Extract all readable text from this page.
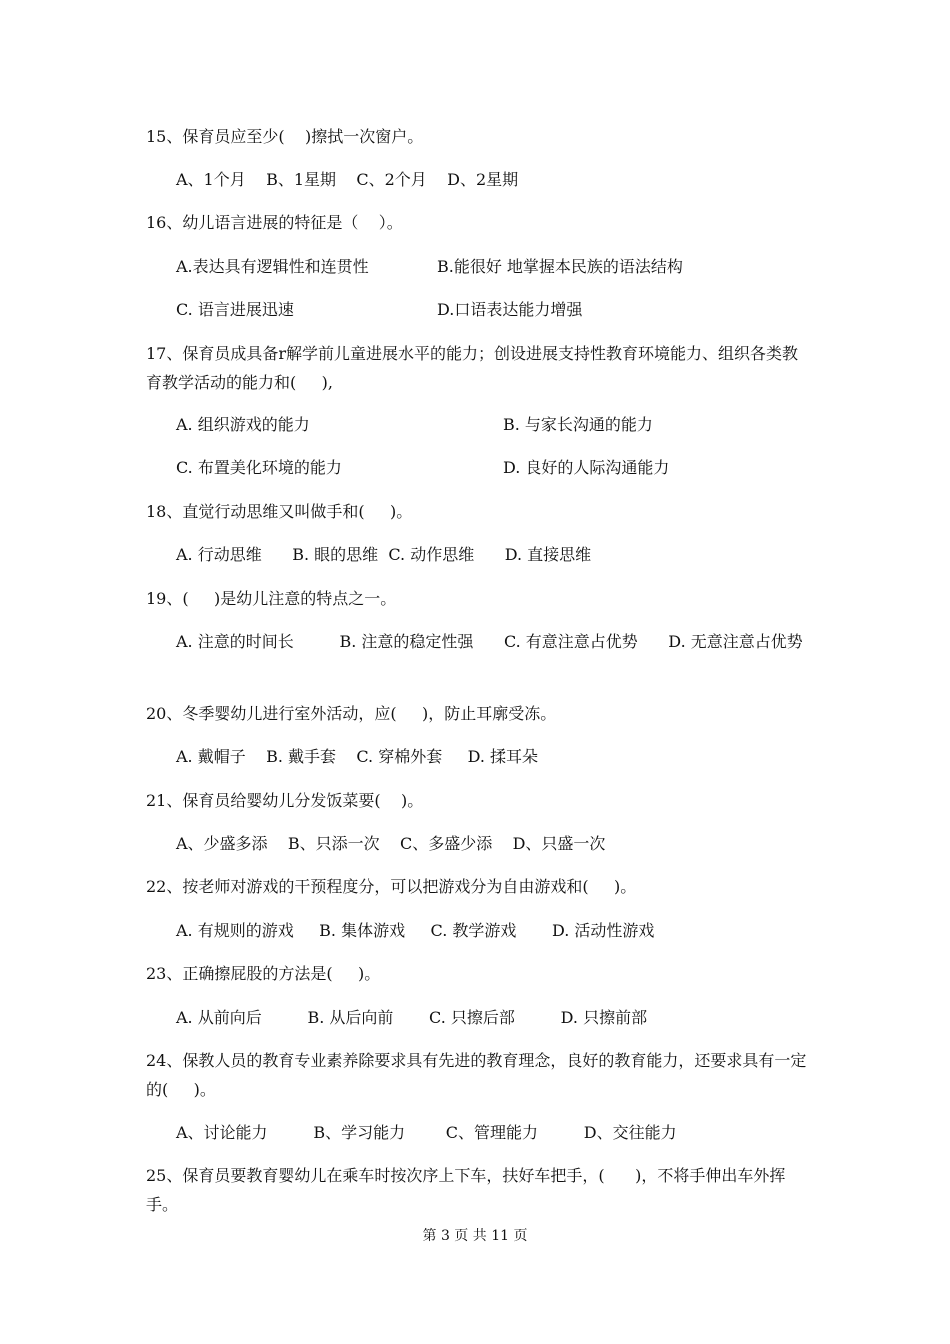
15、保育员应至少(    )擦拭一次窗户。
A、1个月    B、1星期    C、2个月    D、2星期
16、幼儿语言进展的特征是（    ）。
A.表达具有逻辑性和连贯性	B.能很好 地掌握本民族的语法结构
C. 语言进展迅速	D.口语表达能力增强
17、保育员成具备r解学前儿童进展水平的能力；创设进展支持性教育环境能力、组织各类教育教学活动的能力和(     ),
A. 组织游戏的能力	B. 与家长沟通的能力
C. 布置美化环境的能力	D. 良好的人际沟通能力
18、直觉行动思维又叫做手和(     )。
A. 行动思维      B. 眼的思维  C. 动作思维      D. 直接思维
19、(     )是幼儿注意的特点之一。
A. 注意的时间长         B. 注意的稳定性强      C. 有意注意占优势      D. 无意注意占优势
20、冬季婴幼儿进行室外活动，应(     )，防止耳廓受冻。
A. 戴帽子    B. 戴手套    C. 穿棉外套     D. 揉耳朵
21、保育员给婴幼儿分发饭菜要(    )。
A、少盛多添    B、只添一次    C、多盛少添    D、只盛一次
22、按老师对游戏的干预程度分，可以把游戏分为自由游戏和(     )。
A. 有规则的游戏     B. 集体游戏     C. 教学游戏       D. 活动性游戏
23、正确擦屁股的方法是(     )。
A. 从前向后         B. 从后向前       C. 只擦后部         D. 只擦前部
24、保教人员的教育专业素养除要求具有先进的教育理念，良好的教育能力，还要求具有一定的(     )。
A、讨论能力         B、学习能力        C、管理能力         D、交往能力
25、保育员要教育婴幼儿在乘车时按次序上下车，扶好车把手，(      )，不将手伸出车外挥手。
第 3 页 共 11 页
